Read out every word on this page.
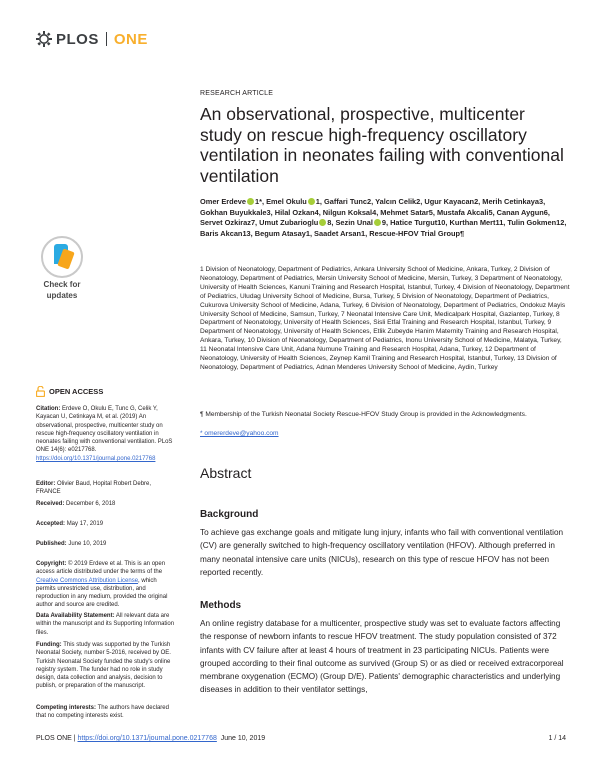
PLOS ONE
Check for
updates
OPEN ACCESS
Citation: Erdeve O, Okulu E, Tunc G, Celik Y, Kayacan U, Cetinkaya M, et al. (2019) An observational, prospective, multicenter study on rescue high-frequency oscillatory ventilation in neonates failing with conventional ventilation. PLoS ONE 14(6): e0217768. https://doi.org/10.1371/journal.pone.0217768
Editor: Olivier Baud, Hopital Robert Debre, FRANCE
Received: December 6, 2018
Accepted: May 17, 2019
Published: June 10, 2019
Copyright: © 2019 Erdeve et al. This is an open access article distributed under the terms of the Creative Commons Attribution License, which permits unrestricted use, distribution, and reproduction in any medium, provided the original author and source are credited.
Data Availability Statement: All relevant data are within the manuscript and its Supporting Information files.
Funding: This study was supported by the Turkish Neonatal Society, number 5-2016, received by OE. Turkish Neonatal Society funded the study's online registry system. The funder had no role in study design, data collection and analysis, decision to publish, or preparation of the manuscript.
Competing interests: The authors have declared that no competing interests exist.
RESEARCH ARTICLE
An observational, prospective, multicenter study on rescue high-frequency oscillatory ventilation in neonates failing with conventional ventilation
Omer Erdeve 1*, Emel Okulu 1, Gaffari Tunc2, Yalcın Celik2, Ugur Kayacan2, Merih Cetinkaya3, Gokhan Buyukkale3, Hilal Ozkan4, Nilgun Koksal4, Mehmet Satar5, Mustafa Akcali5, Canan Aygun6, Servet Ozkiraz7, Umut Zubarioglu 8, Sezin Unal 9, Hatice Turgut10, Kurthan Mert11, Tulin Gokmen12, Baris Akcan13, Begum Atasay1, Saadet Arsan1, Rescue-HFOV Trial Group¶
1 Division of Neonatology, Department of Pediatrics, Ankara University School of Medicine, Ankara, Turkey, 2 Division of Neonatology, Department of Pediatrics, Mersin University School of Medicine, Mersin, Turkey, 3 Department of Neonatology, University of Health Sciences, Kanuni Training and Research Hospital, Istanbul, Turkey, 4 Division of Neonatology, Department of Pediatrics, Uludag University School of Medicine, Bursa, Turkey, 5 Division of Neonatology, Department of Pediatrics, Cukurova University School of Medicine, Adana, Turkey, 6 Division of Neonatology, Department of Pediatrics, Ondokuz Mayis University School of Medicine, Samsun, Turkey, 7 Neonatal Intensive Care Unit, Medicalpark Hospital, Gaziantep, Turkey, 8 Department of Neonatology, University of Health Sciences, Sisli Etfal Training and Research Hospital, Istanbul, Turkey, 9 Department of Neonatology, University of Health Sciences, Etlik Zubeyde Hanim Maternity Training and Research Hospital, Ankara, Turkey, 10 Division of Neonatology, Department of Pediatrics, Inonu University School of Medicine, Malatya, Turkey, 11 Neonatal Intensive Care Unit, Adana Numune Training and Research Hospital, Adana, Turkey, 12 Department of Neonatology, University of Health Sciences, Zeynep Kamil Training and Research Hospital, Istanbul, Turkey, 13 Division of Neonatology, Department of Pediatrics, Adnan Menderes University School of Medicine, Aydin, Turkey
¶ Membership of the Turkish Neonatal Society Rescue-HFOV Study Group is provided in the Acknowledgments.
* omererdeve@yahoo.com
Abstract
Background
To achieve gas exchange goals and mitigate lung injury, infants who fail with conventional ventilation (CV) are generally switched to high-frequency oscillatory ventilation (HFOV). Although preferred in many neonatal intensive care units (NICUs), research on this type of rescue HFOV has not been reported recently.
Methods
An online registry database for a multicenter, prospective study was set to evaluate factors affecting the response of newborn infants to rescue HFOV treatment. The study population consisted of 372 infants with CV failure after at least 4 hours of treatment in 23 participating NICUs. Patients were grouped according to their final outcome as survived (Group S) or as died or received extracorporeal membrane oxygenation (ECMO) (Group D/E). Patients' demographic characteristics and underlying diseases in addition to their ventilator settings,
PLOS ONE | https://doi.org/10.1371/journal.pone.0217768 June 10, 2019	1 / 14
